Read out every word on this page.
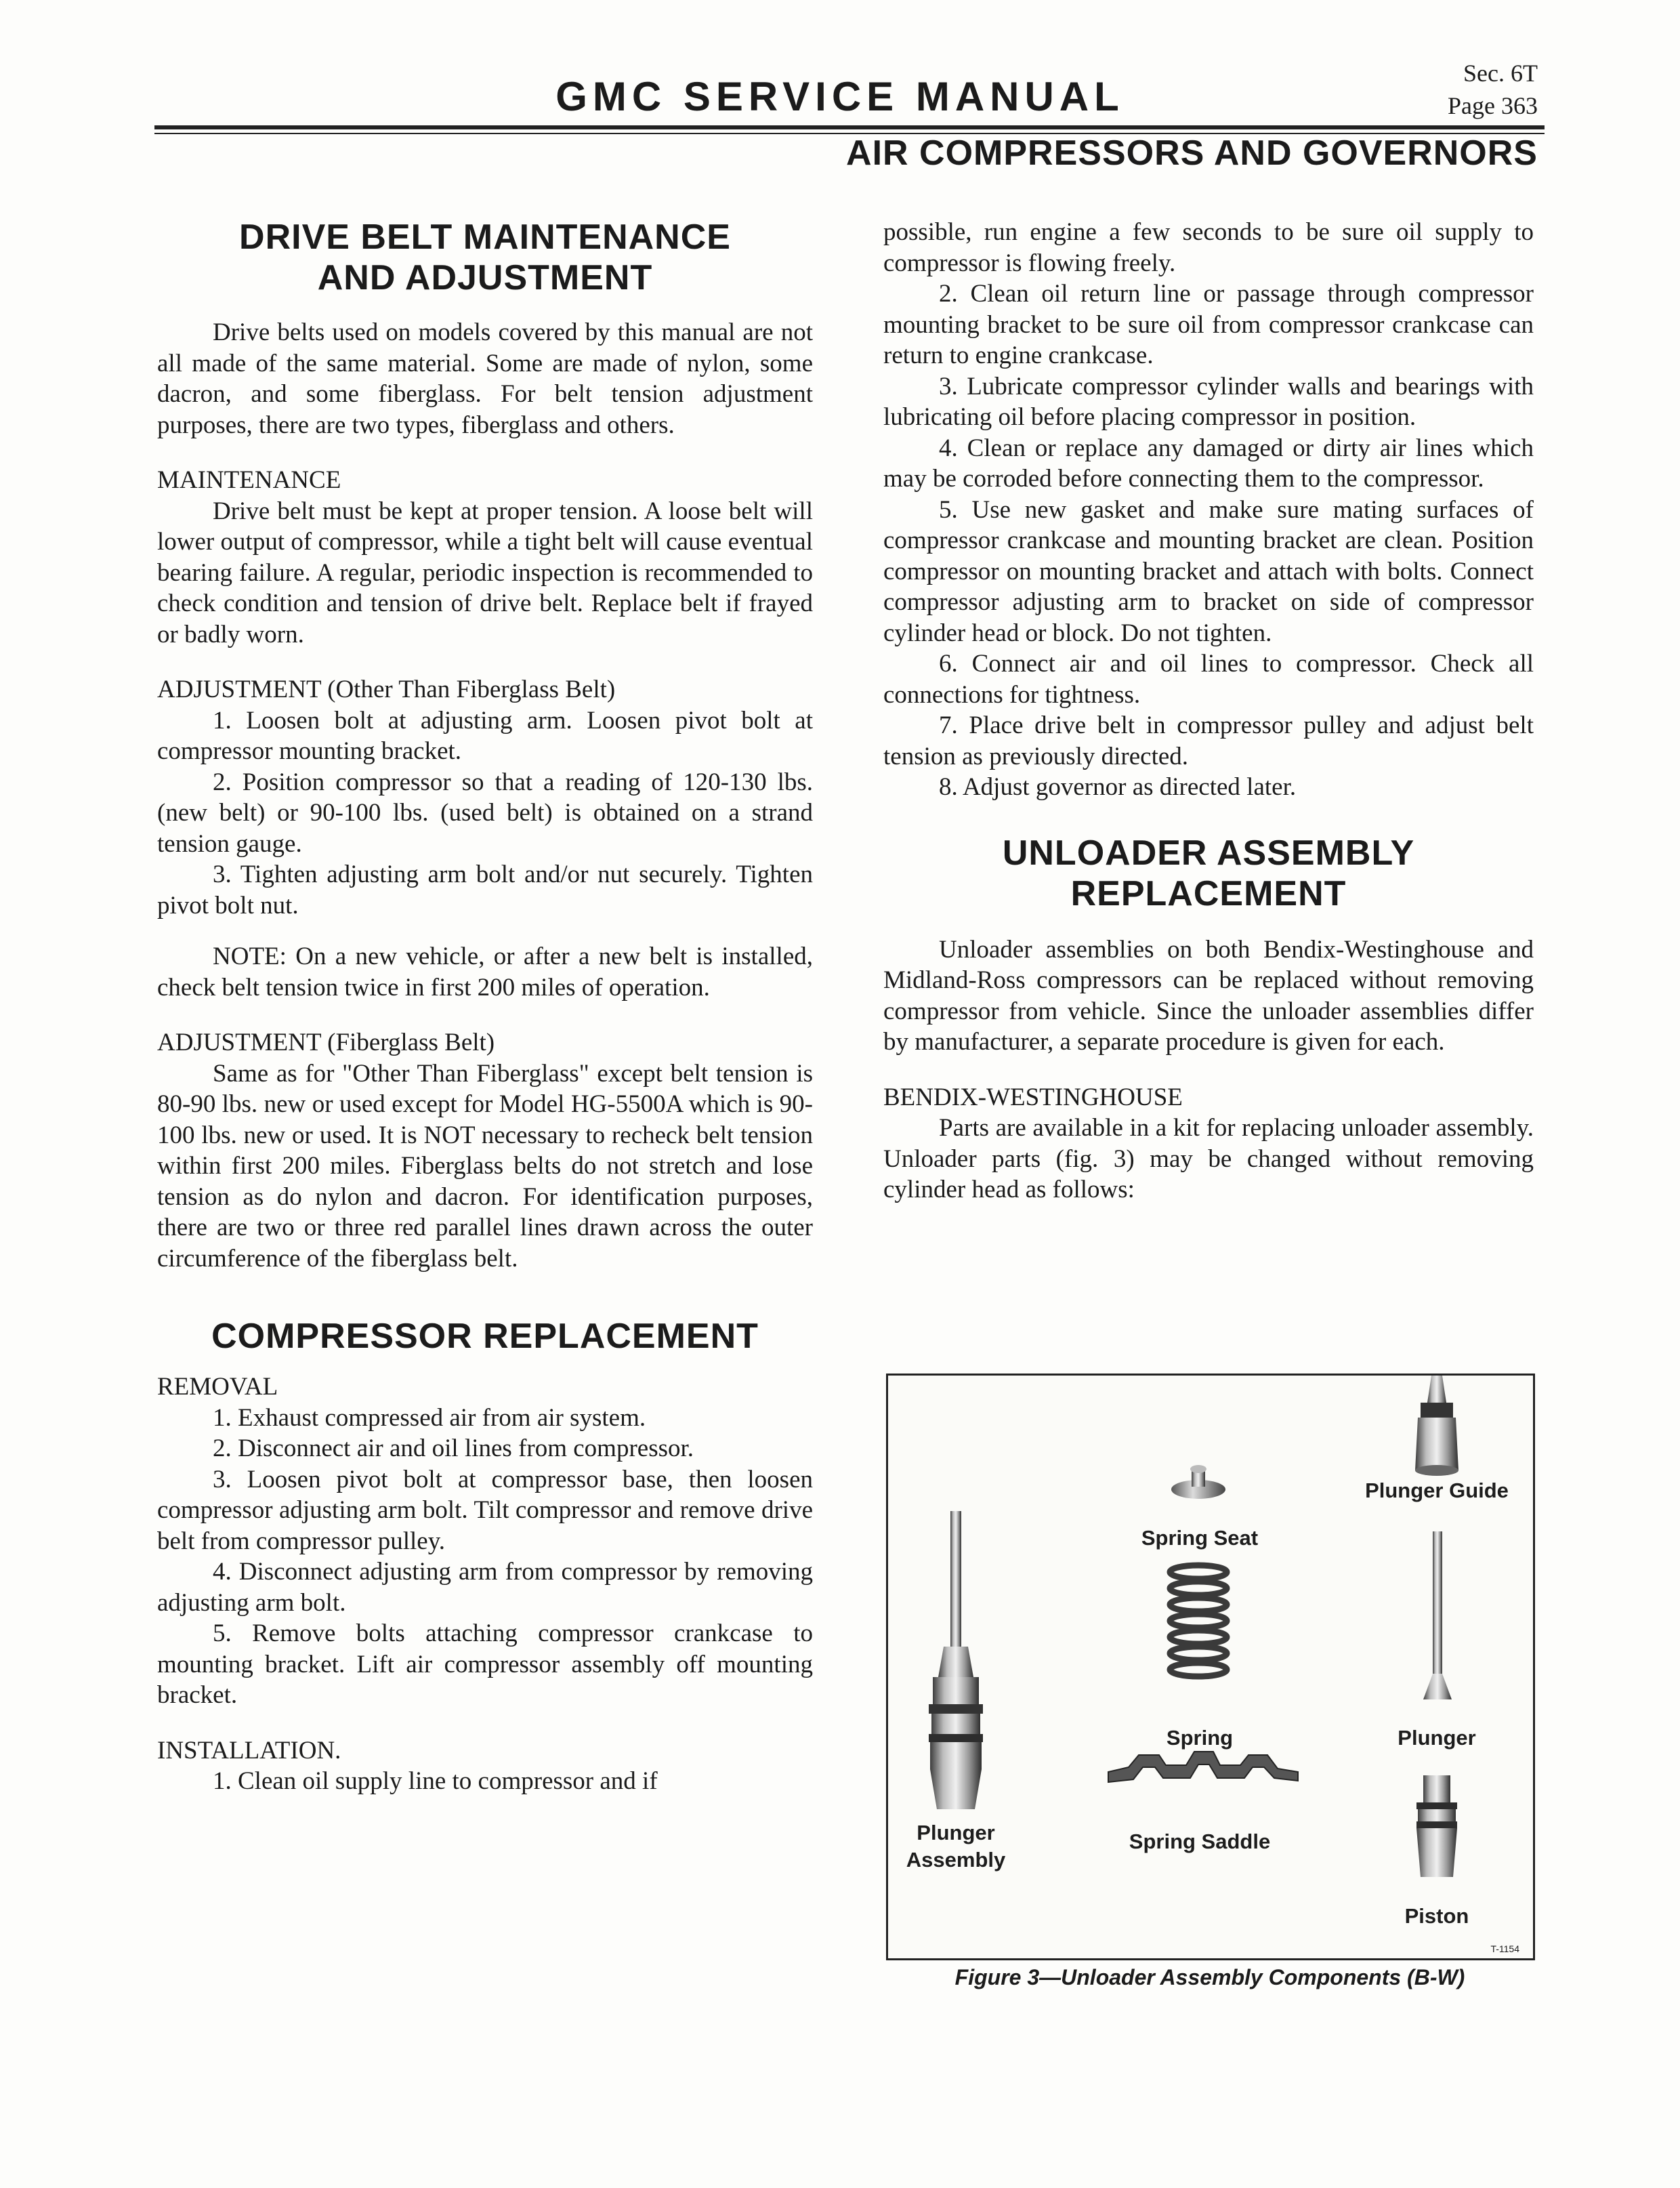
GMC SERVICE MANUAL
Sec. 6T
Page 363
AIR COMPRESSORS AND GOVERNORS
DRIVE BELT MAINTENANCE
AND ADJUSTMENT

Drive belts used on models covered by this manual are not all made of the same material. Some are made of nylon, some dacron, and some fiberglass. For belt tension adjustment purposes, there are two types, fiberglass and others.

MAINTENANCE

Drive belt must be kept at proper tension. A loose belt will lower output of compressor, while a tight belt will cause eventual bearing failure. A regular, periodic inspection is recommended to check condition and tension of drive belt. Replace belt if frayed or badly worn.

ADJUSTMENT (Other Than Fiberglass Belt)

1. Loosen bolt at adjusting arm. Loosen pivot bolt at compressor mounting bracket.

2. Position compressor so that a reading of 120-130 lbs. (new belt) or 90-100 lbs. (used belt) is obtained on a strand tension gauge.

3. Tighten adjusting arm bolt and/or nut securely. Tighten pivot bolt nut.

NOTE: On a new vehicle, or after a new belt is installed, check belt tension twice in first 200 miles of operation.

ADJUSTMENT (Fiberglass Belt)

Same as for "Other Than Fiberglass" except belt tension is 80-90 lbs. new or used except for Model HG-5500A which is 90-100 lbs. new or used. It is NOT necessary to recheck belt tension within first 200 miles. Fiberglass belts do not stretch and lose tension as do nylon and dacron. For identification purposes, there are two or three red parallel lines drawn across the outer circumference of the fiberglass belt.

COMPRESSOR REPLACEMENT

REMOVAL

1. Exhaust compressed air from air system.

2. Disconnect air and oil lines from compressor.

3. Loosen pivot bolt at compressor base, then loosen compressor adjusting arm bolt. Tilt compressor and remove drive belt from compressor pulley.

4. Disconnect adjusting arm from compressor by removing adjusting arm bolt.

5. Remove bolts attaching compressor crankcase to mounting bracket. Lift air compressor assembly off mounting bracket.

INSTALLATION.

1. Clean oil supply line to compressor and if

possible, run engine a few seconds to be sure oil supply to compressor is flowing freely.

2. Clean oil return line or passage through compressor mounting bracket to be sure oil from compressor crankcase can return to engine crankcase.

3. Lubricate compressor cylinder walls and bearings with lubricating oil before placing compressor in position.

4. Clean or replace any damaged or dirty air lines which may be corroded before connecting them to the compressor.

5. Use new gasket and make sure mating surfaces of compressor crankcase and mounting bracket are clean. Position compressor on mounting bracket and attach with bolts. Connect compressor adjusting arm to bracket on side of compressor cylinder head or block. Do not tighten.

6. Connect air and oil lines to compressor. Check all connections for tightness.

7. Place drive belt in compressor pulley and adjust belt tension as previously directed.

8. Adjust governor as directed later.

UNLOADER ASSEMBLY
REPLACEMENT

Unloader assemblies on both Bendix-Westinghouse and Midland-Ross compressors can be replaced without removing compressor from vehicle. Since the unloader assemblies differ by manufacturer, a separate procedure is given for each.

BENDIX-WESTINGHOUSE

Parts are available in a kit for replacing unloader assembly. Unloader parts (fig. 3) may be changed without removing cylinder head as follows:

Plunger Guide
Spring Seat
Spring	Plunger
Plunger
Assembly
Spring Saddle
Piston
T-1154
Figure 3—Unloader Assembly Components (B-W)
